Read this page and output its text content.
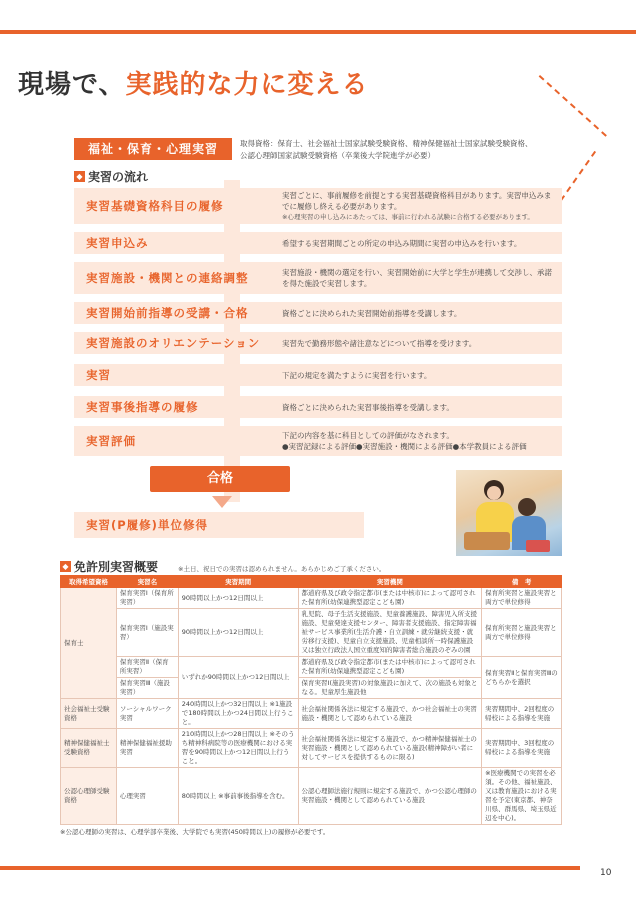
現場で、実践的な力に変える
福祉・保育・心理実習	取得資格：保育士、社会福祉士国家試験受験資格、精神保健福祉士国家試験受験資格、
公認心理師国家試験受験資格（卒業後大学院進学が必要）
◆ 実習の流れ
実習基礎資格科目の履修
実習ごとに、事前履修を前提とする実習基礎資格科目があります。実習申込みまでに履修し終える必要があります。
※心理実習の申し込みにあたっては、事前に行われる試験に合格する必要があります。
実習申込み	希望する実習期間ごとの所定の申込み期間に実習の申込みを行います。
実習施設・機関との連絡調整	実習施設・機関の選定を行い、実習開始前に大学と学生が連携して交渉し、承諾を得た施設で実習します。
実習開始前指導の受講・合格	資格ごとに決められた実習開始前指導を受講します。
実習施設のオリエンテーション	実習先で勤務形態や諸注意などについて指導を受けます。
実習	下記の規定を満たすように実習を行います。
実習事後指導の履修	資格ごとに決められた実習事後指導を受講します。
実習評価	下記の内容を基に科目としての評価がなされます。
●実習記録による評価●実習施設・機関による評価●本学教員による評価
合格
実習(P履修)単位修得
◆ 免許別実習概要	※土日、祝日での実習は認められません。あらかじめご了承ください。
取得希望資格	実習名	実習期間	実習機関	備　考
保育士	保育実習Ⅰ（保育所実習）	90時間以上かつ12日間以上	都道府県及び政令指定都市(または中核市)によって認可された保育所(幼保連携型認定こども園)	保育所実習と施設実習と両方で単位修得
	保育実習Ⅰ（施設実習）	90時間以上かつ12日間以上	乳児院、母子生活支援施設、児童養護施設、障害児入所支援施設、児童発達支援センター、障害者支援施設、指定障害福祉サービス事業所(生活介護・自立訓練・就労継続支援・就労移行支援)、児童自立支援施設、児童相談所一時保護施設又は独立行政法人国立重度知的障害者総合施設のぞみの園	保育所実習と施設実習と両方で単位修得
	保育実習Ⅱ（保育所実習）	いずれか90時間以上かつ12日間以上	都道府県及び政令指定都市(または中核市)によって認可された保育所(幼保連携型認定こども園)	保育実習Ⅱと保育実習Ⅲのどちらかを選択
	保育実習Ⅲ（施設実習）		保育実習Ⅰ(施設実習)の対象施設に加えて、次の施設も対象となる。児童厚生施設他	
社会福祉士受験資格	ソーシャルワーク実習	240時間以上かつ32日間以上 ※1施設で180時間以上かつ24日間以上行うこと。	社会福祉関係各法に規定する施設で、かつ社会福祉士の実習施設・機関として認められている施設	実習期間中、2回程度の帰校による指導を実施
精神保健福祉士受験資格	精神保健福祉援助実習	210時間以上かつ28日間以上 ※そのうち精神科病院等の医療機関における実習を90時間以上かつ12日間以上行うこと。	社会福祉関係各法に規定する施設で、かつ精神保健福祉士の実習施設・機関として認められている施設(精神障がい者に対してサービスを提供するものに限る)	実習期間中、3回程度の帰校による指導を実施
公認心理師受験資格	心理実習	80時間以上 ※事前事後指導を含む。	公認心理師法施行規則に規定する施設で、かつ公認心理師の実習施設・機関として認められている施設	※医療機関での実習を必須。その他、福祉施設、又は教育施設における実習を予定(東京都、神奈川県、群馬県、埼玉県近辺を中心)。
※公認心理師の実習は、心理学部卒業後、大学院でも実習(450時間以上)の履修が必要です。
10
